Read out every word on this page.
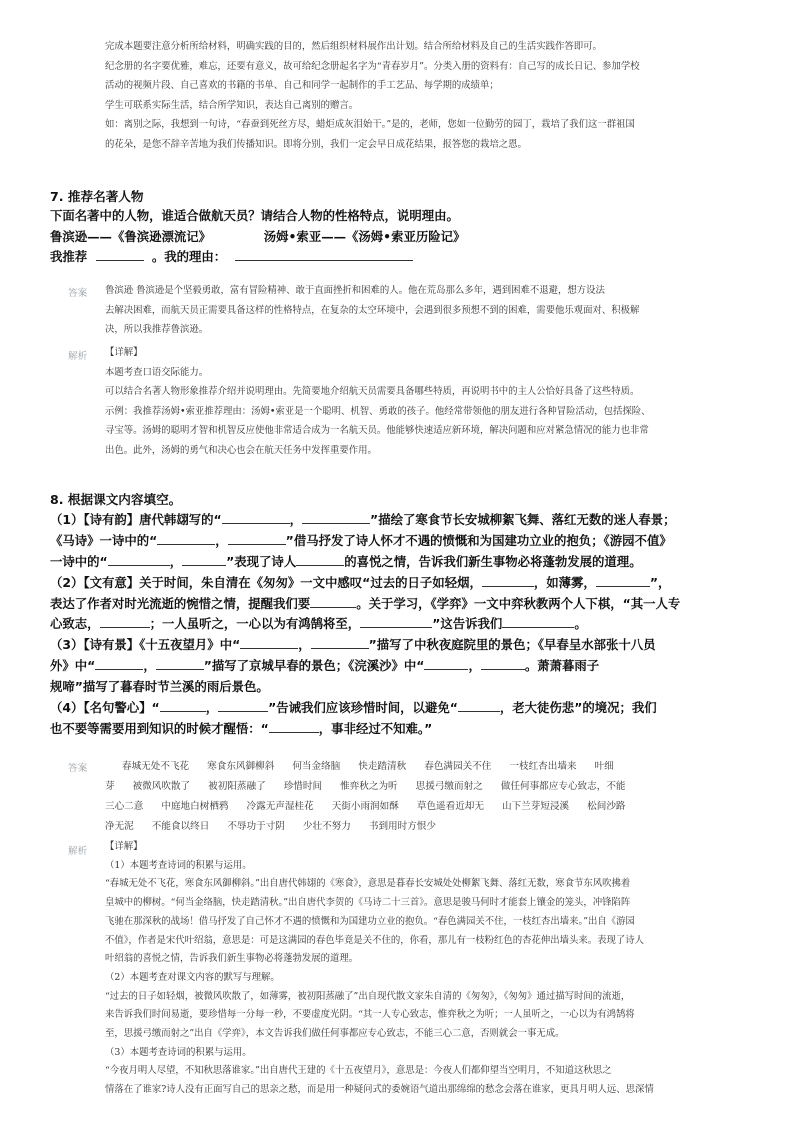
完成本题要注意分析所给材料，明确实践的目的，然后组织材料展作出计划。结合所给材料及自己的生活实践作答即可。
纪念册的名字要优雅，难忘，还要有意义，故可给纪念册起名字为“青春岁月”。分类入册的资料有：自己写的成长日记、参加学校
活动的视频片段、自己喜欢的书籍的书单、自己和同学一起制作的手工艺品、每学期的成绩单；
学生可联系实际生活，结合所学知识，表达自己离别的赠言。
如：离别之际，我想到一句诗，“春蚕到死丝方尽，蜡炬成灰泪始干。”是的，老师，您如一位勤劳的园丁，栽培了我们这一群祖国
的花朵，是您不辞辛苦地为我们传播知识。即将分别，我们一定会早日成花结果，报答您的栽培之恩。
7. 推荐名著人物
下面名著中的人物，谁适合做航天员？请结合人物的性格特点，说明理由。
鲁滨逊——《鲁滨逊漂流记》	汤姆•索亚——《汤姆•索亚历险记》
我推荐	。我的理由：
答案 鲁滨逊 鲁滨逊是个坚毅勇敢，富有冒险精神、敢于直面挫折和困难的人。他在荒岛那么多年，遇到困难不退避，想方设法
去解决困难，而航天员正需要具备这样的性格特点，在复杂的太空环境中，会遇到很多预想不到的困难，需要他乐观面对、积极解
决，所以我推荐鲁滨逊。
解析 【详解】
本题考查口语交际能力。
可以结合名著人物形象推荐介绍并说明理由。先简要地介绍航天员需要具备哪些特质，再说明书中的主人公恰好具备了这些特质。
示例：我推荐汤姆•索亚推荐理由：汤姆•索亚是一个聪明、机智、勇敢的孩子。他经常带领他的朋友进行各种冒险活动，包括探险、
寻宝等。汤姆的聪明才智和机智反应使他非常适合成为一名航天员。他能够快速适应新环境，解决问题和应对紧急情况的能力也非常
出色。此外，汤姆的勇气和决心也会在航天任务中发挥重要作用。
8. 根据课文内容填空。
（1）【诗有韵】唐代韩翃写的“	，	”描绘了寒食节长安城柳絮飞舞、落红无数的迷人春景；
《马诗》一诗中的“	，	”借马抒发了诗人怀才不遇的愤慨和为国建功立业的抱负；《游园不值》
一诗中的“	，	”表现了诗人	的喜悦之情，告诉我们新生事物必将蓬勃发展的道理。
（2）【文有意】关于时间，朱自清在《匆匆》一文中感叹“过去的日子如轻烟，	，如薄雾，	”，
表达了作者对时光流逝的惋惜之情，提醒我们要	。关于学习，《学弈》一文中弈秋教两个人下棋，“其一人专
心致志，	；一人虽听之，一心以为有鸿鹄将至，	”这告诉我们	。
（3）【诗有景】《十五夜望月》中“	，	”描写了中秋夜庭院里的景色；《早春呈水部张十八员
外》中“	，	”描写了京城早春的景色；《浣溪沙》中“	，	。萧萧暮雨子
规啼”描写了暮春时节兰溪的雨后景色。
（4）【名句警心】“	，	”告诫我们应该珍惜时间，以避免“	，老大徒伤悲”的境况；我们
也不要等需要用到知识的时候才醒悟：“	，事非经过不知难。”
答案	春城无处不飞花 寒食东风御柳斜 何当金络脑 快走踏清秋 春色满园关不住 一枝红杏出墙来 叶细
芽 被微风吹散了 被初阳蒸融了 珍惜时间 惟弈秋之为听 思援弓缴而射之 做任何事都应专心致志，不能
三心二意 中庭地白树栖鸦 冷露无声湿桂花 天街小雨润如酥 草色遥看近却无 山下兰芽短浸溪 松间沙路
净无泥 不能食以终日 不辱功于寸阴 少壮不努力 书到用时方恨少
解析 【详解】
（1）本题考查诗词的积累与运用。
“春城无处不飞花，寒食东风御柳斜。”出自唐代韩翃的《寒食》，意思是暮春长安城处处柳絮飞舞、落红无数，寒食节东风吹拂着
皇城中的柳树。“何当金络脑，快走踏清秋。”出自唐代李贺的《马诗二十三首》。意思是骏马何时才能套上镶金的笼头，冲锋陷阵
飞驰在那深秋的战场！借马抒发了自己怀才不遇的愤慨和为国建功立业的抱负。“春色满园关不住，一枝红杏出墙来。”出自《游园
不值》，作者是宋代叶绍翁，意思是：可是这满园的春色毕竟是关不住的，你看，那儿有一枝粉红色的杏花伸出墙头来。表现了诗人
叶绍翁的喜悦之情，告诉我们新生事物必将蓬勃发展的道理。
（2）本题考查对课文内容的默写与理解。
“过去的日子如轻烟，被微风吹散了，如薄雾，被初阳蒸融了”出自现代散文家朱自清的《匆匆》，《匆匆》通过描写时间的流逝，
来告诉我们时间易逝，要珍惜每一分每一秒，不要虚度光阴。“其一人专心致志，惟弈秋之为听；一人虽听之，一心以为有鸿鹄将
至，思援弓缴而射之”出自《学弈》，本文告诉我们做任何事都应专心致志，不能三心二意，否则就会一事无成。
（3）本题考查诗词的积累与运用。
“今夜月明人尽望，不知秋思落谁家。”出自唐代王建的《十五夜望月》，意思是：今夜人们都仰望当空明月，不知道这秋思之
情落在了谁家?诗人没有正面写自己的思亲之愁，而是用一种疑问式的委婉语气道出那绵绵的愁念会落在谁家，更具月明人远、思深情
